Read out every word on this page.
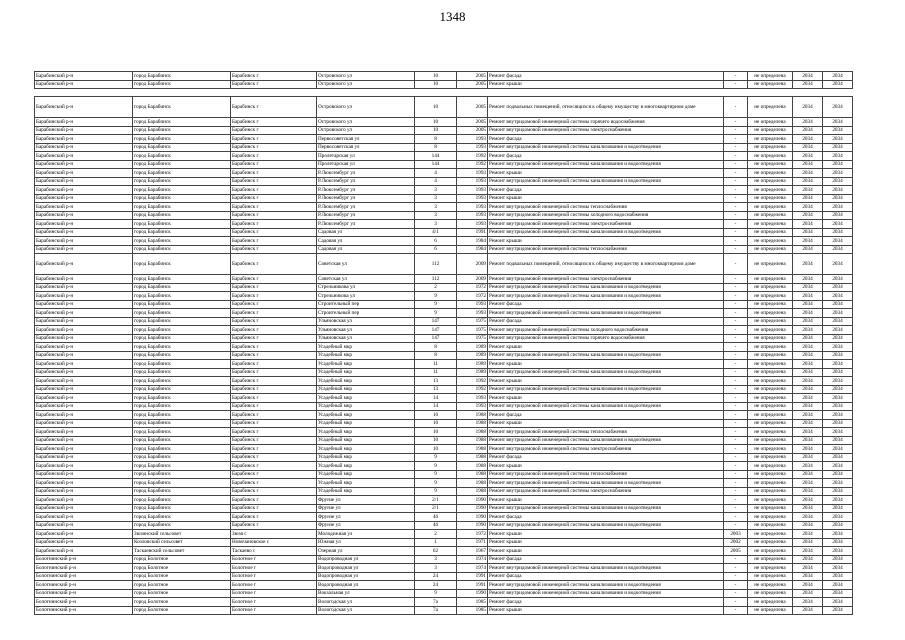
1348
Барабинский р-н	город Барабинск	Барабинск г	Островского ул	10	2005	Ремонт фасада	-	не определена	2034	2034
Барабинский р-н	город Барабинск	Барабинск г	Островского ул	10	2005	Ремонт крыши	-	не определена	2034	2034

Барабинский р-н	город Барабинск	Барабинск г	Островского ул	10	2005	Ремонт подвальных помещений, относящихся к общему имуществу в многоквартирном доме	-	не определена	2034	2034
Барабинский р-н	город Барабинск	Барабинск г	Островского ул	10	2005	Ремонт внутридомовой инженерной системы горячего водоснабжения	-	не определена	2034	2034
Барабинский р-н	город Барабинск	Барабинск г	Островского ул	10	2005	Ремонт внутридомовой инженерной системы электроснабжения	-	не определена	2034	2034
Барабинский р-н	город Барабинск	Барабинск г	Первосоветская ул	8	1993	Ремонт фасада	-	не определена	2034	2034
Барабинский р-н	город Барабинск	Барабинск г	Первосоветская ул	8	1993	Ремонт внутридомовой инженерной системы канализования и водоотведения	-	не определена	2034	2034
Барабинский р-н	город Барабинск	Барабинск г	Пролетарская ул	144	1992	Ремонт фасада	-	не определена	2034	2034
Барабинский р-н	город Барабинск	Барабинск г	Пролетарская ул	144	1992	Ремонт внутридомовой инженерной системы канализования и водоотведения	-	не определена	2034	2034
Барабинский р-н	город Барабинск	Барабинск г	Р.Люксембург ул	4	1993	Ремонт крыши	-	не определена	2034	2034
Барабинский р-н	город Барабинск	Барабинск г	Р.Люксембург ул	4	1993	Ремонт внутридомовой инженерной системы канализования и водоотведения	-	не определена	2034	2034
Барабинский р-н	город Барабинск	Барабинск г	Р.Люксембург ул	3	1993	Ремонт фасада	-	не определена	2034	2034
Барабинский р-н	город Барабинск	Барабинск г	Р.Люксембург ул	3	1993	Ремонт крыши	-	не определена	2034	2034
Барабинский р-н	город Барабинск	Барабинск г	Р.Люксембург ул	3	1993	Ремонт внутридомовой инженерной системы теплоснабжения	-	не определена	2034	2034
Барабинский р-н	город Барабинск	Барабинск г	Р.Люксембург ул	3	1993	Ремонт внутридомовой инженерной системы холодного водоснабжения	-	не определена	2034	2034
Барабинский р-н	город Барабинск	Барабинск г	Р.Люксембург ул	3	1993	Ремонт внутридомовой инженерной системы электроснабжения	-	не определена	2034	2034
Барабинский р-н	город Барабинск	Барабинск г	Садовая ул	4/1	1991	Ремонт внутридомовой инженерной системы канализования и водоотведения	-	не определена	2034	2034
Барабинский р-н	город Барабинск	Барабинск г	Садовая ул	6	1984	Ремонт крыши	-	не определена	2034	2034
Барабинский р-н	город Барабинск	Барабинск г	Садовая ул	6	1984	Ремонт внутридомовой инженерной системы теплоснабжения	-	не определена	2034	2034
Барабинский р-н	город Барабинск	Барабинск г	Советская ул	112	2009	Ремонт подвальных помещений, относящихся к общему имуществу в многоквартирном доме	-	не определена	2034	2034
Барабинский р-н	город Барабинск	Барабинск г	Советская ул	112	2009	Ремонт внутридомовой инженерной системы электроснабжения	-	не определена	2034	2034
Барабинский р-н	город Барабинск	Барабинск г	Стрельникова ул	2	1972	Ремонт внутридомовой инженерной системы канализования и водоотведения	-	не определена	2034	2034
Барабинский р-н	город Барабинск	Барабинск г	Стрельникова ул	9	1972	Ремонт внутридомовой инженерной системы канализования и водоотведения	-	не определена	2034	2034
Барабинский р-н	город Барабинск	Барабинск г	Строительный пер	9	1993	Ремонт фасада	-	не определена	2034	2034
Барабинский р-н	город Барабинск	Барабинск г	Строительный пер	9	1993	Ремонт внутридомовой инженерной системы канализования и водоотведения	-	не определена	2034	2034
Барабинский р-н	город Барабинск	Барабинск г	Ульяновская ул	147	1975	Ремонт фасада	-	не определена	2034	2034
Барабинский р-н	город Барабинск	Барабинск г	Ульяновская ул	147	1975	Ремонт внутридомовой инженерной системы холодного водоснабжения	-	не определена	2034	2034
Барабинский р-н	город Барабинск	Барабинск г	Ульяновская ул	147	1975	Ремонт внутридомовой инженерной системы горячего водоснабжения	-	не определена	2034	2034
Барабинский р-н	город Барабинск	Барабинск г	Усадебный мкр	8	1989	Ремонт крыши	-	не определена	2034	2034
Барабинский р-н	город Барабинск	Барабинск г	Усадебный мкр	8	1989	Ремонт внутридомовой инженерной системы канализования и водоотведения	-	не определена	2034	2034
Барабинский р-н	город Барабинск	Барабинск г	Усадебный мкр	11	1989	Ремонт крыши	-	не определена	2034	2034
Барабинский р-н	город Барабинск	Барабинск г	Усадебный мкр	11	1989	Ремонт внутридомовой инженерной системы канализования и водоотведения	-	не определена	2034	2034
Барабинский р-н	город Барабинск	Барабинск г	Усадебный мкр	13	1992	Ремонт крыши	-	не определена	2034	2034
Барабинский р-н	город Барабинск	Барабинск г	Усадебный мкр	13	1992	Ремонт внутридомовой инженерной системы канализования и водоотведения	-	не определена	2034	2034
Барабинский р-н	город Барабинск	Барабинск г	Усадебный мкр	14	1993	Ремонт крыши	-	не определена	2034	2034
Барабинский р-н	город Барабинск	Барабинск г	Усадебный мкр	14	1993	Ремонт внутридомовой инженерной системы канализования и водоотведения	-	не определена	2034	2034
Барабинский р-н	город Барабинск	Барабинск г	Усадебный мкр	10	1988	Ремонт фасада	-	не определена	2034	2034
Барабинский р-н	город Барабинск	Барабинск г	Усадебный мкр	10	1988	Ремонт крыши	-	не определена	2034	2034
Барабинский р-н	город Барабинск	Барабинск г	Усадебный мкр	10	1988	Ремонт внутридомовой инженерной системы теплоснабжения	-	не определена	2034	2034
Барабинский р-н	город Барабинск	Барабинск г	Усадебный мкр	10	1988	Ремонт внутридомовой инженерной системы канализования и водоотведения	-	не определена	2034	2034
Барабинский р-н	город Барабинск	Барабинск г	Усадебный мкр	10	1988	Ремонт внутридомовой инженерной системы электроснабжения	-	не определена	2034	2034
Барабинский р-н	город Барабинск	Барабинск г	Усадебный мкр	9	1988	Ремонт фасада	-	не определена	2034	2034
Барабинский р-н	город Барабинск	Барабинск г	Усадебный мкр	9	1988	Ремонт крыши	-	не определена	2034	2034
Барабинский р-н	город Барабинск	Барабинск г	Усадебный мкр	9	1988	Ремонт внутридомовой инженерной системы теплоснабжения	-	не определена	2034	2034
Барабинский р-н	город Барабинск	Барабинск г	Усадебный мкр	9	1988	Ремонт внутридомовой инженерной системы канализования и водоотведения	-	не определена	2034	2034
Барабинский р-н	город Барабинск	Барабинск г	Усадебный мкр	9	1988	Ремонт внутридомовой инженерной системы электроснабжения	-	не определена	2034	2034
Барабинский р-н	город Барабинск	Барабинск г	Фрунзе ул	2/1	1990	Ремонт крыши	-	не определена	2034	2034
Барабинский р-н	город Барабинск	Барабинск г	Фрунзе ул	2/1	1990	Ремонт внутридомовой инженерной системы канализования и водоотведения	-	не определена	2034	2034
Барабинский р-н	город Барабинск	Барабинск г	Фрунзе ул	46	1990	Ремонт фасада	-	не определена	2034	2034
Барабинский р-н	город Барабинск	Барабинск г	Фрунзе ул	46	1990	Ремонт внутридомовой инженерной системы канализования и водоотведения	-	не определена	2034	2034
Барабинский р-н	Зюзинский сельсовет	Зюзя с	Молодежная ул	2	1972	Ремонт крыши	2003	не определена	2034	2034
Барабинский р-н	Козловский сельсовет	Новочановское с	Южная ул	1	1971	Ремонт крыши	2002	не определена	2034	2034
Барабинский р-н	Таскаевский сельсовет	Таскаево с	Озерная ул	62	1967	Ремонт крыши	2005	не определена	2034	2034
Болотнинский р-н	город Болотное	Болотное г	Водопроводная ул	3	1974	Ремонт фасада	-	не определена	2034	2034
Болотнинский р-н	город Болотное	Болотное г	Водопроводная ул	3	1974	Ремонт внутридомовой инженерной системы канализования и водоотведения	-	не определена	2034	2034
Болотнинский р-н	город Болотное	Болотное г	Водопроводная ул	24	1991	Ремонт фасада	-	не определена	2034	2034
Болотнинский р-н	город Болотное	Болотное г	Водопроводная ул	24	1991	Ремонт внутридомовой инженерной системы канализования и водоотведения	-	не определена	2034	2034
Болотнинский р-н	город Болотное	Болотное г	Вокзальная ул	9	1990	Ремонт внутридомовой инженерной системы канализования и водоотведения	-	не определена	2034	2034
Болотнинский р-н	город Болотное	Болотное г	Вологодская ул	7а	1985	Ремонт фасада	-	не определена	2034	2034
Болотнинский р-н	город Болотное	Болотное г	Вологодская ул	7а	1985	Ремонт крыши	-	не определена	2034	2034
